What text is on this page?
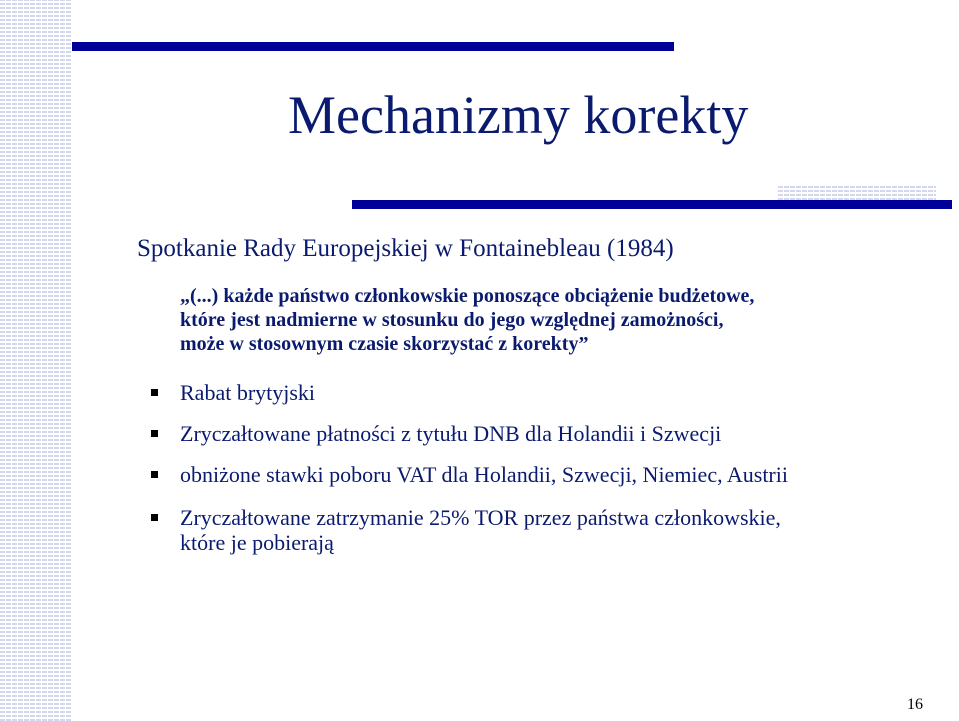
Mechanizmy korekty
Spotkanie Rady Europejskiej w Fontainebleau (1984)
„(...) każde państwo członkowskie ponoszące obciążenie budżetowe,
które jest nadmierne w stosunku do jego względnej zamożności,
może w stosownym czasie skorzystać z korekty”
Rabat brytyjski
Zryczałtowane płatności z tytułu DNB dla Holandii i Szwecji
obniżone stawki poboru VAT dla Holandii, Szwecji, Niemiec, Austrii
Zryczałtowane zatrzymanie 25% TOR przez państwa członkowskie,
które je pobierają
16
